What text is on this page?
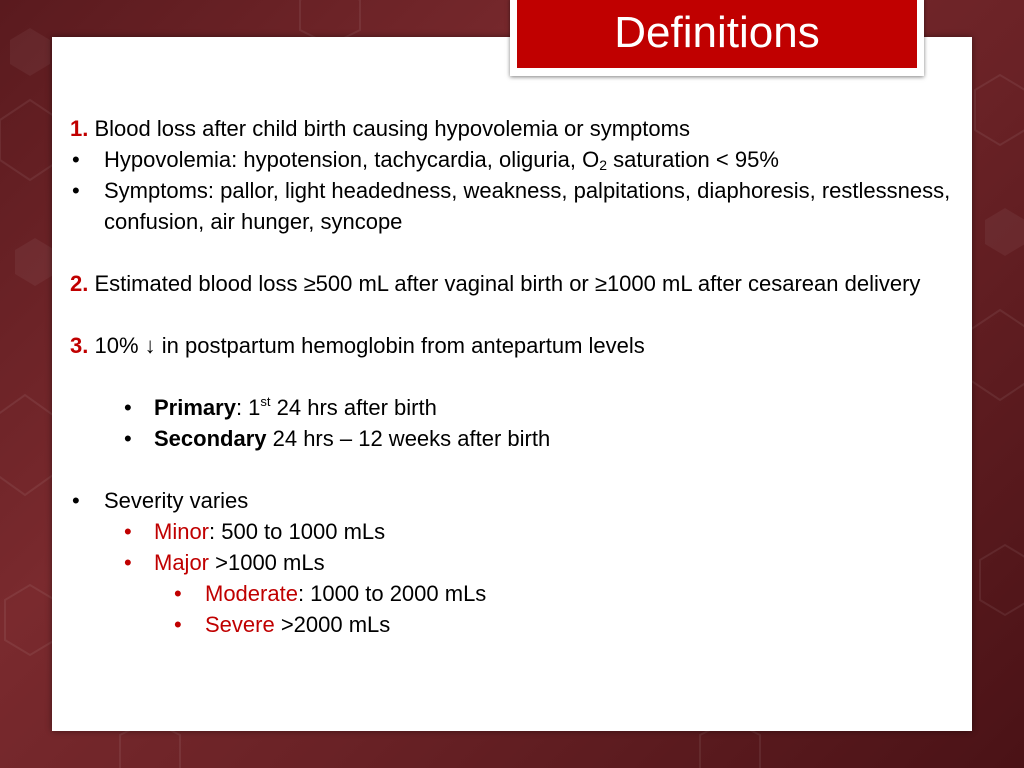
Definitions
1. Blood loss after child birth causing hypovolemia or symptoms
• Hypovolemia: hypotension, tachycardia, oliguria, $O_2$ saturation < 95%
• Symptoms: pallor, light headedness, weakness, palpitations, diaphoresis, restlessness, confusion, air hunger, syncope
2. Estimated blood loss ≥500 mL after vaginal birth or ≥1000 mL after cesarean delivery
3. 10% ↓ in postpartum hemoglobin from antepartum levels
• Primary: 1st 24 hrs after birth
• Secondary 24 hrs – 12 weeks after birth
• Severity varies
• Minor: 500 to 1000 mLs
• Major >1000 mLs
• Moderate: 1000 to 2000 mLs
• Severe >2000 mLs
